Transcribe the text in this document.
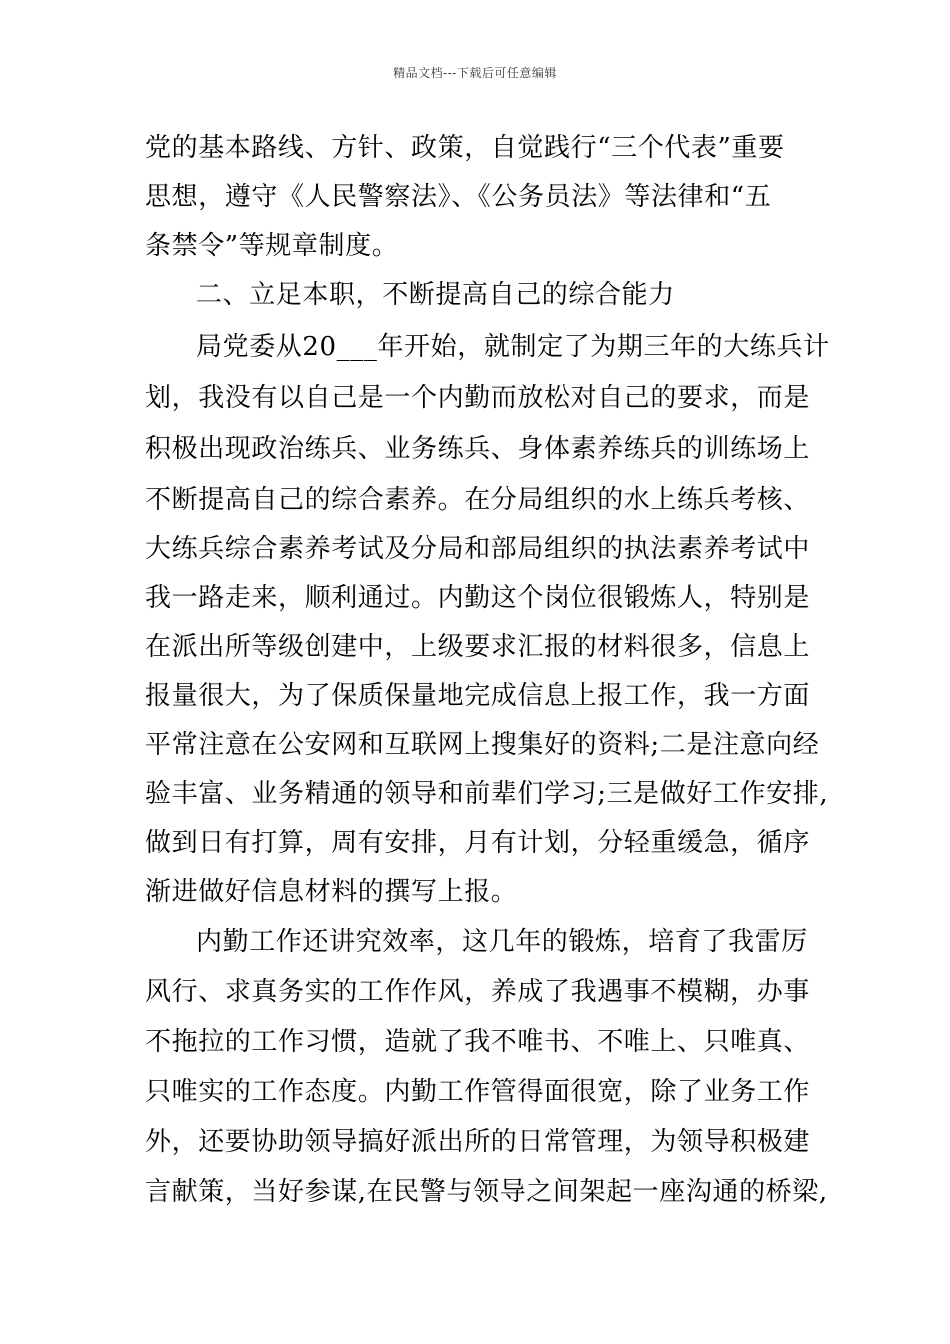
精品文档---下载后可任意编辑
党的基本路线、方针、政策，自觉践行“三个代表”重要
思想，遵守《人民警察法》、《公务员法》等法律和“五
条禁令”等规章制度。
二、立足本职，不断提高自己的综合能力
局党委从20___年开始，就制定了为期三年的大练兵计
划，我没有以自己是一个内勤而放松对自己的要求，而是
积极出现政治练兵、业务练兵、身体素养练兵的训练场上
不断提高自己的综合素养。在分局组织的水上练兵考核、
大练兵综合素养考试及分局和部局组织的执法素养考试中
我一路走来，顺利通过。内勤这个岗位很锻炼人，特别是
在派出所等级创建中，上级要求汇报的材料很多，信息上
报量很大，为了保质保量地完成信息上报工作，我一方面
平常注意在公安网和互联网上搜集好的资料;二是注意向经
验丰富、业务精通的领导和前辈们学习;三是做好工作安排,
做到日有打算，周有安排，月有计划，分轻重缓急，循序
渐进做好信息材料的撰写上报。
内勤工作还讲究效率，这几年的锻炼，培育了我雷厉
风行、求真务实的工作作风，养成了我遇事不模糊，办事
不拖拉的工作习惯，造就了我不唯书、不唯上、只唯真、
只唯实的工作态度。内勤工作管得面很宽，除了业务工作
外，还要协助领导搞好派出所的日常管理，为领导积极建
言献策，当好参谋,在民警与领导之间架起一座沟通的桥梁,
